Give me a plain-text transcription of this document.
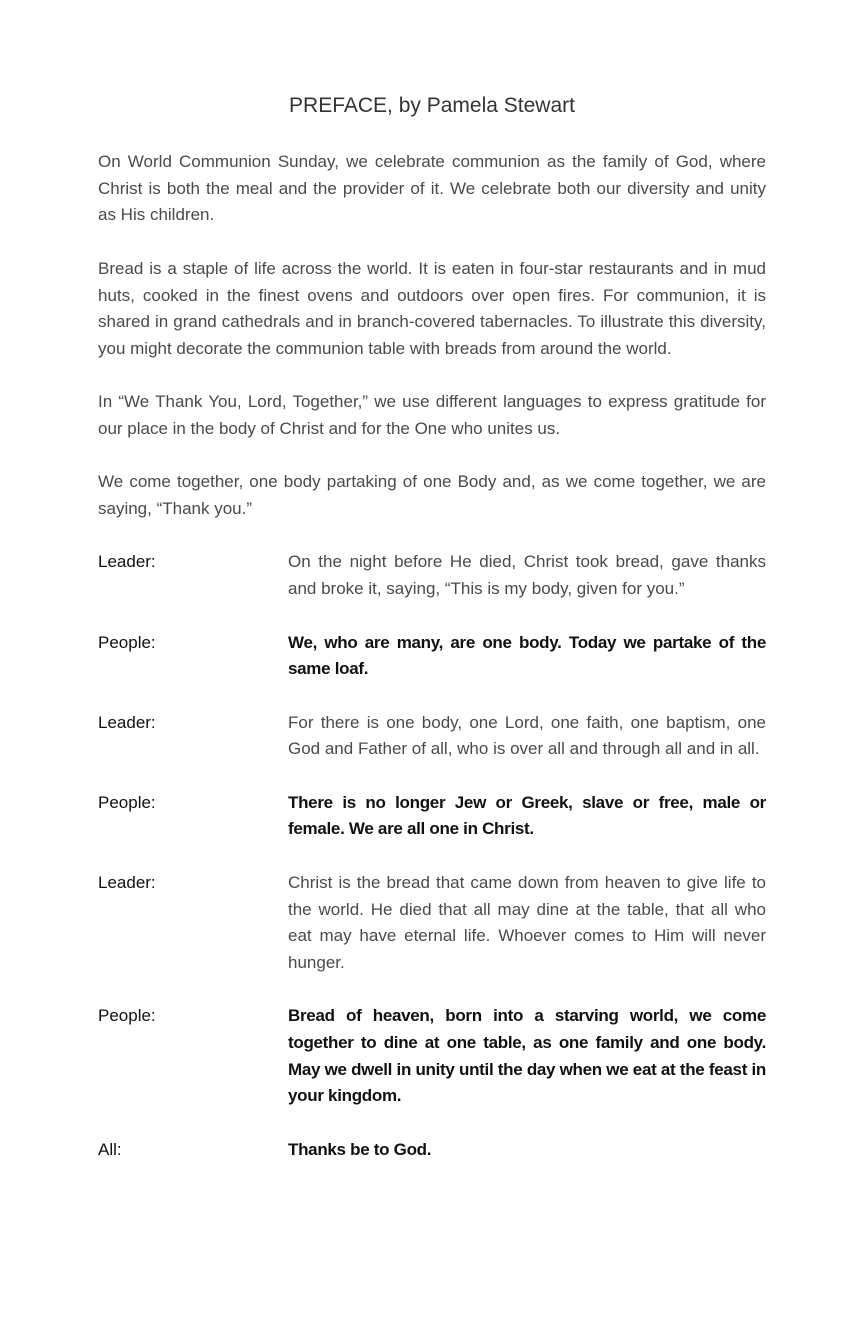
PREFACE, by Pamela Stewart

On World Communion Sunday, we celebrate communion as the family of God, where Christ is both the meal and the provider of it. We celebrate both our diversity and unity as His children.

Bread is a staple of life across the world. It is eaten in four-star restaurants and in mud huts, cooked in the finest ovens and outdoors over open fires. For communion, it is shared in grand cathedrals and in branch-covered tabernacles. To illustrate this diversity, you might decorate the communion table with breads from around the world.

In “We Thank You, Lord, Together,” we use different languages to express gratitude for our place in the body of Christ and for the One who unites us.

We come together, one body partaking of one Body and, as we come together, we are saying, “Thank you.”

Leader:	On the night before He died, Christ took bread, gave thanks and broke it, saying, “This is my body, given for you.”
People:	We, who are many, are one body. Today we partake of the same loaf.
Leader:	For there is one body, one Lord, one faith, one baptism, one God and Father of all, who is over all and through all and in all.
People:	There is no longer Jew or Greek, slave or free, male or female. We are all one in Christ.
Leader:	Christ is the bread that came down from heaven to give life to the world. He died that all may dine at the table, that all who eat may have eternal life. Whoever comes to Him will never hunger.
People:	Bread of heaven, born into a starving world, we come together to dine at one table, as one family and one body. May we dwell in unity until the day when we eat at the feast in your kingdom.
All:	Thanks be to God.
